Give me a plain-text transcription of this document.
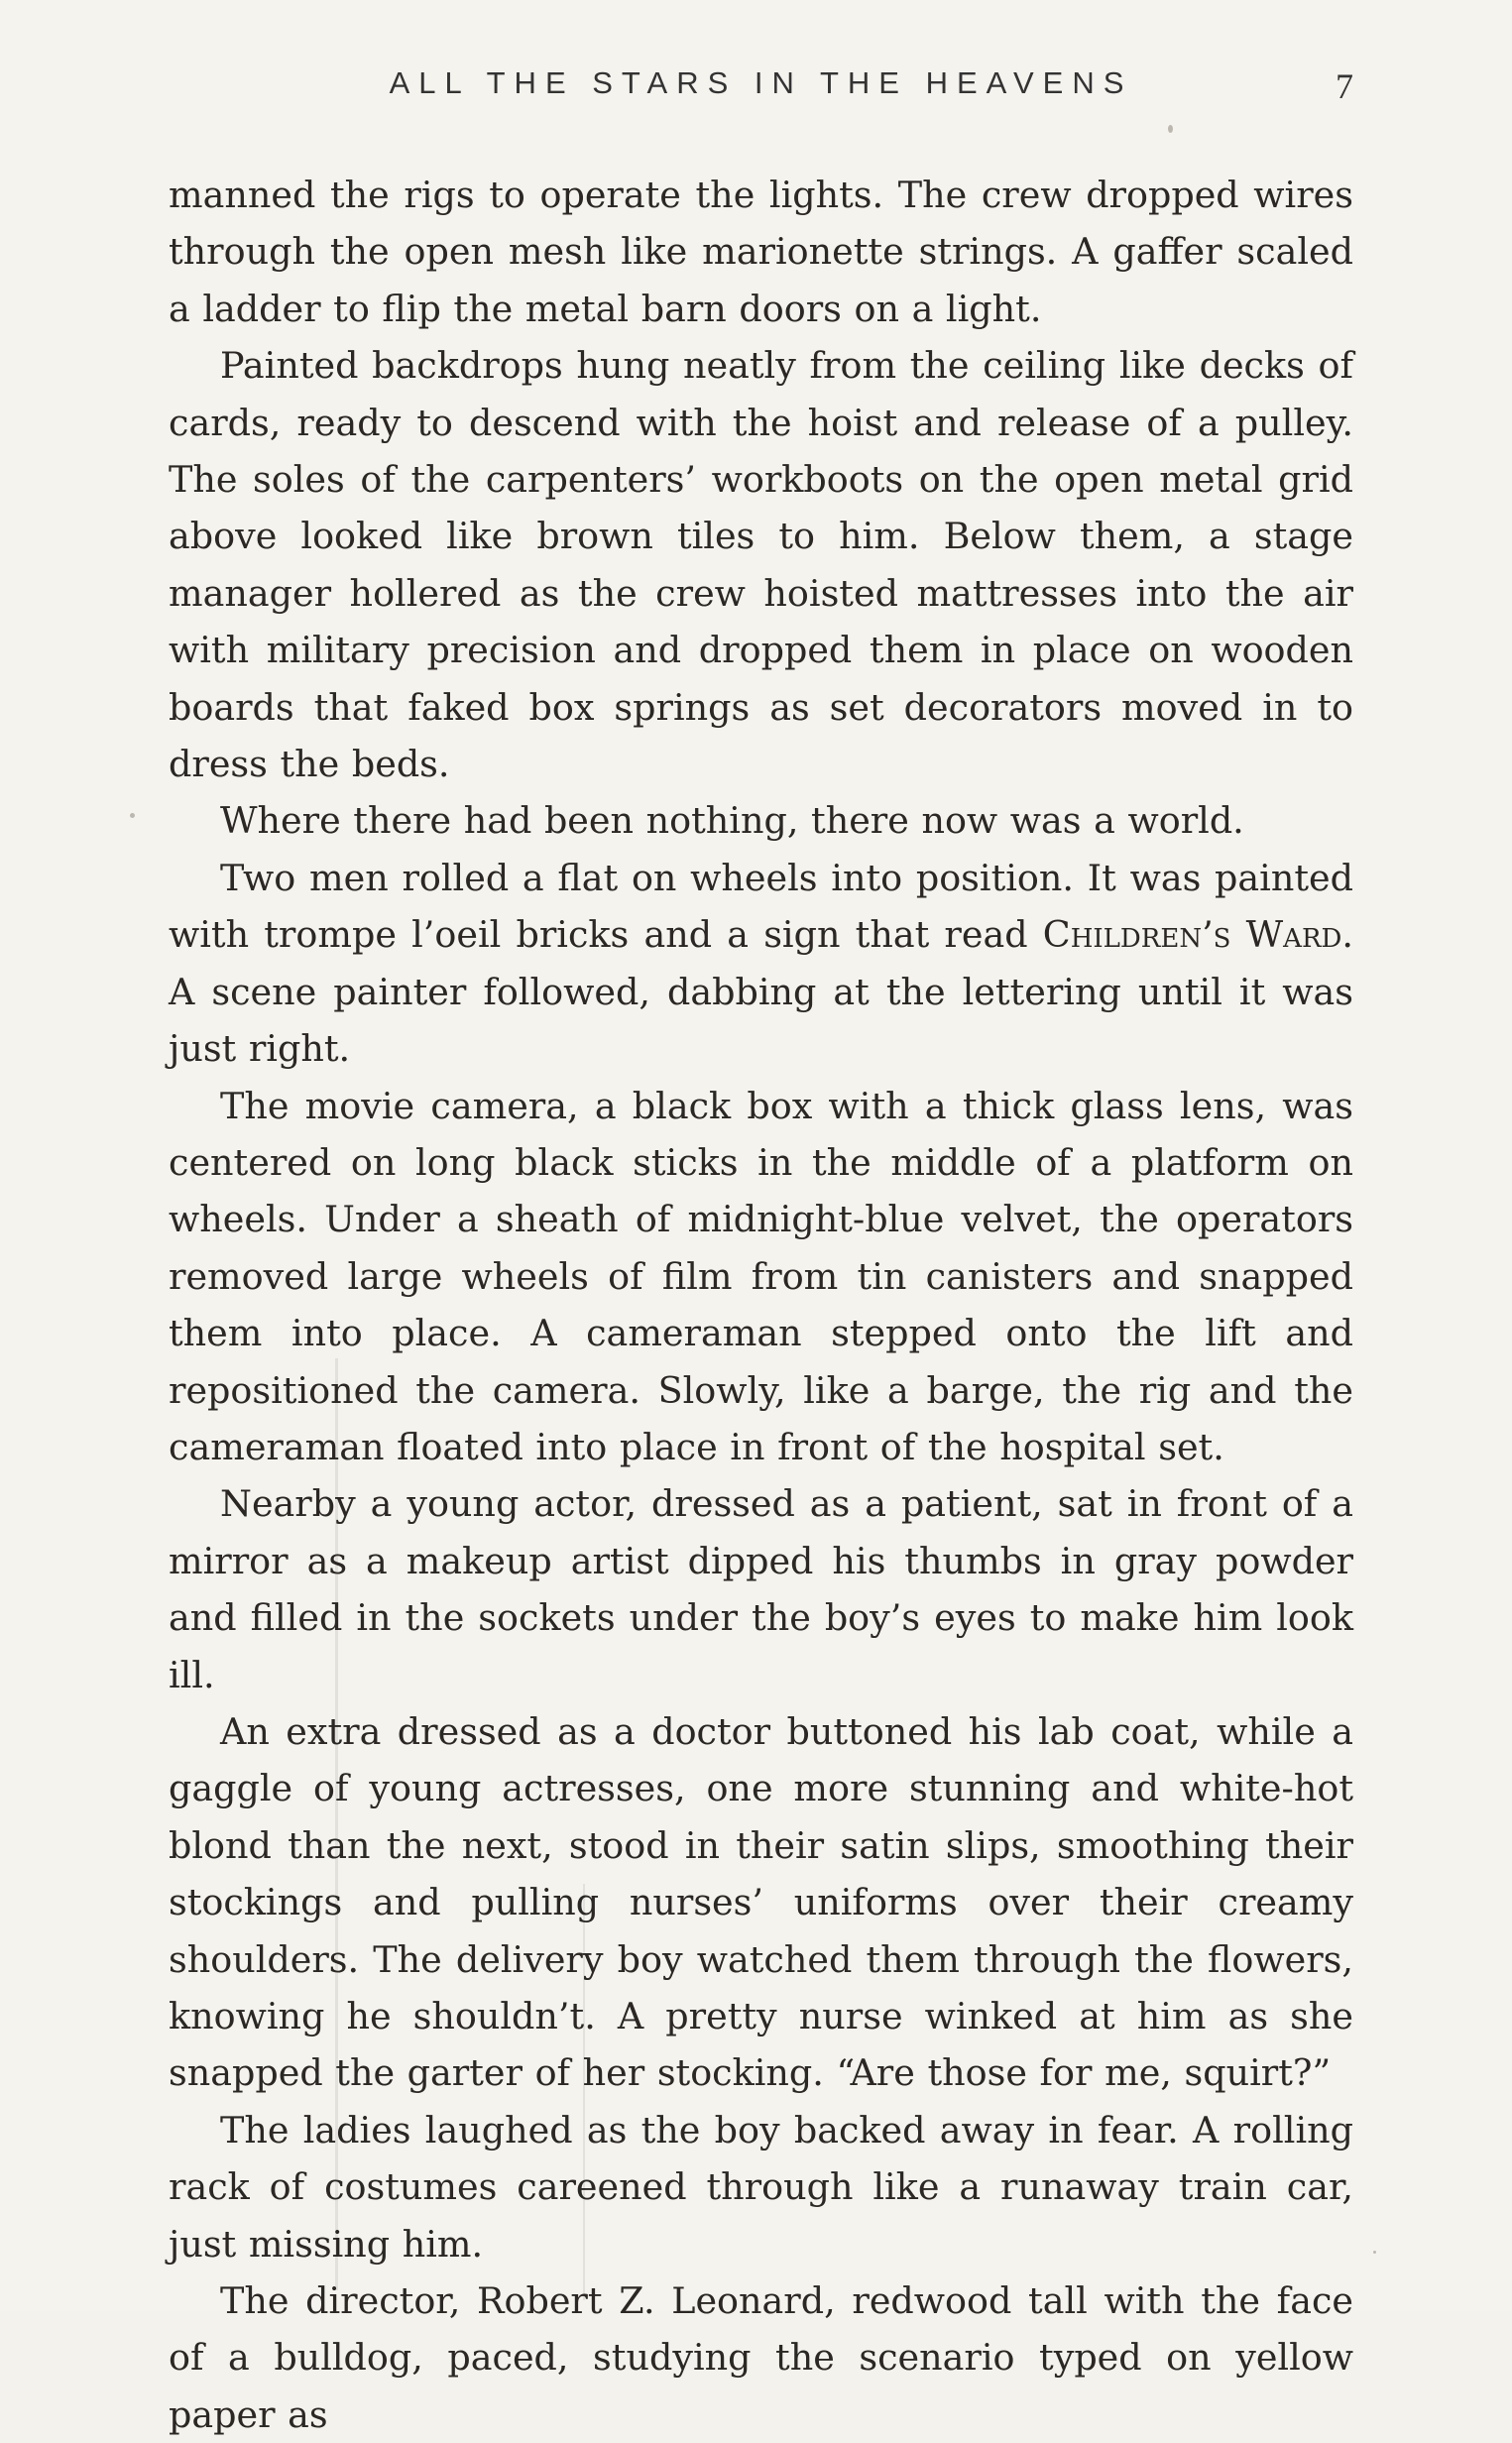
ALL THE STARS IN THE HEAVENS	7

manned the rigs to operate the lights. The crew dropped wires through the open mesh like marionette strings. A gaffer scaled a ladder to flip the metal barn doors on a light.

Painted backdrops hung neatly from the ceiling like decks of cards, ready to descend with the hoist and release of a pulley. The soles of the carpenters’ workboots on the open metal grid above looked like brown tiles to him. Below them, a stage manager hollered as the crew hoisted mattresses into the air with military precision and dropped them in place on wooden boards that faked box springs as set decorators moved in to dress the beds.

Where there had been nothing, there now was a world.

Two men rolled a flat on wheels into position. It was painted with trompe l’oeil bricks and a sign that read Children’s Ward. A scene painter followed, dabbing at the lettering until it was just right.

The movie camera, a black box with a thick glass lens, was centered on long black sticks in the middle of a platform on wheels. Under a sheath of midnight-blue velvet, the operators removed large wheels of film from tin canisters and snapped them into place. A cameraman stepped onto the lift and repositioned the camera. Slowly, like a barge, the rig and the cameraman floated into place in front of the hospital set.

Nearby a young actor, dressed as a patient, sat in front of a mirror as a makeup artist dipped his thumbs in gray powder and filled in the sockets under the boy’s eyes to make him look ill.

An extra dressed as a doctor buttoned his lab coat, while a gaggle of young actresses, one more stunning and white-hot blond than the next, stood in their satin slips, smoothing their stockings and pulling nurses’ uniforms over their creamy shoulders. The delivery boy watched them through the flowers, knowing he shouldn’t. A pretty nurse winked at him as she snapped the garter of her stocking. “Are those for me, squirt?”

The ladies laughed as the boy backed away in fear. A rolling rack of costumes careened through like a runaway train car, just missing him.

The director, Robert Z. Leonard, redwood tall with the face of a bulldog, paced, studying the scenario typed on yellow paper as
